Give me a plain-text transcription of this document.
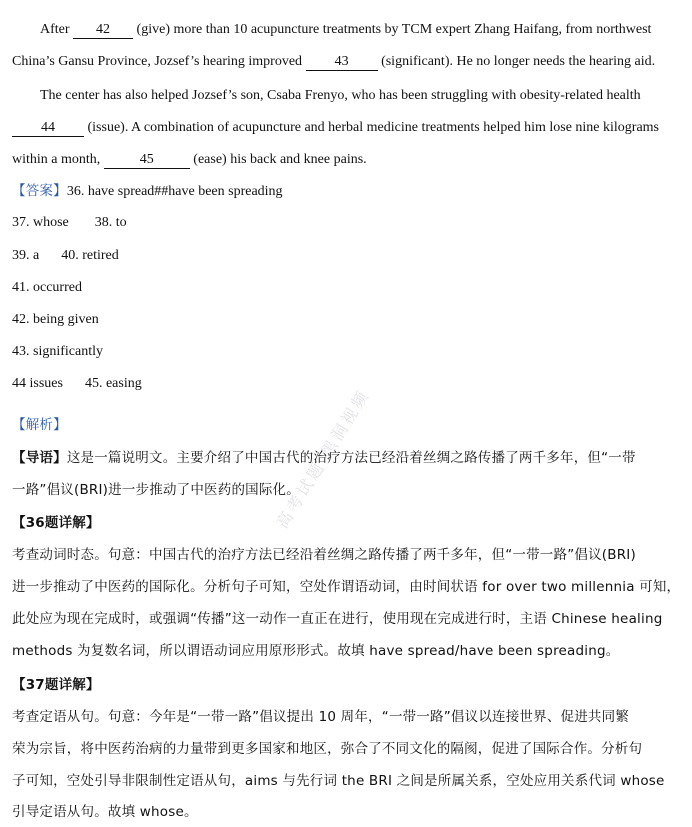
After 42 (give) more than 10 acupuncture treatments by TCM expert Zhang Haifang, from northwest
China’s Gansu Province, Jozsef’s hearing improved 43 (significant). He no longer needs the hearing aid.
The center has also helped Jozsef’s son, Csaba Frenyo, who has been struggling with obesity-related health
44 (issue). A combination of acupuncture and herbal medicine treatments helped him lose nine kilograms
within a month,	45	(ease) his back and knee pains.
【答案】36. have spread##have been spreading
37. whose 38. to
39. a 40. retired
41. occurred
42. being given
43. significantly
44 issues 45. easing
【解析】
【导语】这是一篇说明文。主要介绍了中国古代的治疗方法已经沿着丝绸之路传播了两千多年，但“一带
一路”倡议(BRI)进一步推动了中医药的国际化。
【36题详解】
考查动词时态。句意：中国古代的治疗方法已经沿着丝绸之路传播了两千多年，但“一带一路”倡议(BRI)
进一步推动了中医药的国际化。分析句子可知，空处作谓语动词，由时间状语 for over two millennia 可知，
此处应为现在完成时，或强调“传播”这一动作一直正在进行，使用现在完成进行时，主语 Chinese healing
methods 为复数名词，所以谓语动词应用原形形式。故填 have spread/have been spreading。
【37题详解】
考查定语从句。句意：今年是“一带一路”倡议提出 10 周年，“一带一路”倡议以连接世界、促进共同繁
荣为宗旨，将中医药治病的力量带到更多国家和地区，弥合了不同文化的隔阂，促进了国际合作。分析句
子可知，空处引导非限制性定语从句，aims 与先行词 the BRI 之间是所属关系，空处应用关系代词 whose
引导定语从句。故填 whose。
高考试题 黑洞视频
